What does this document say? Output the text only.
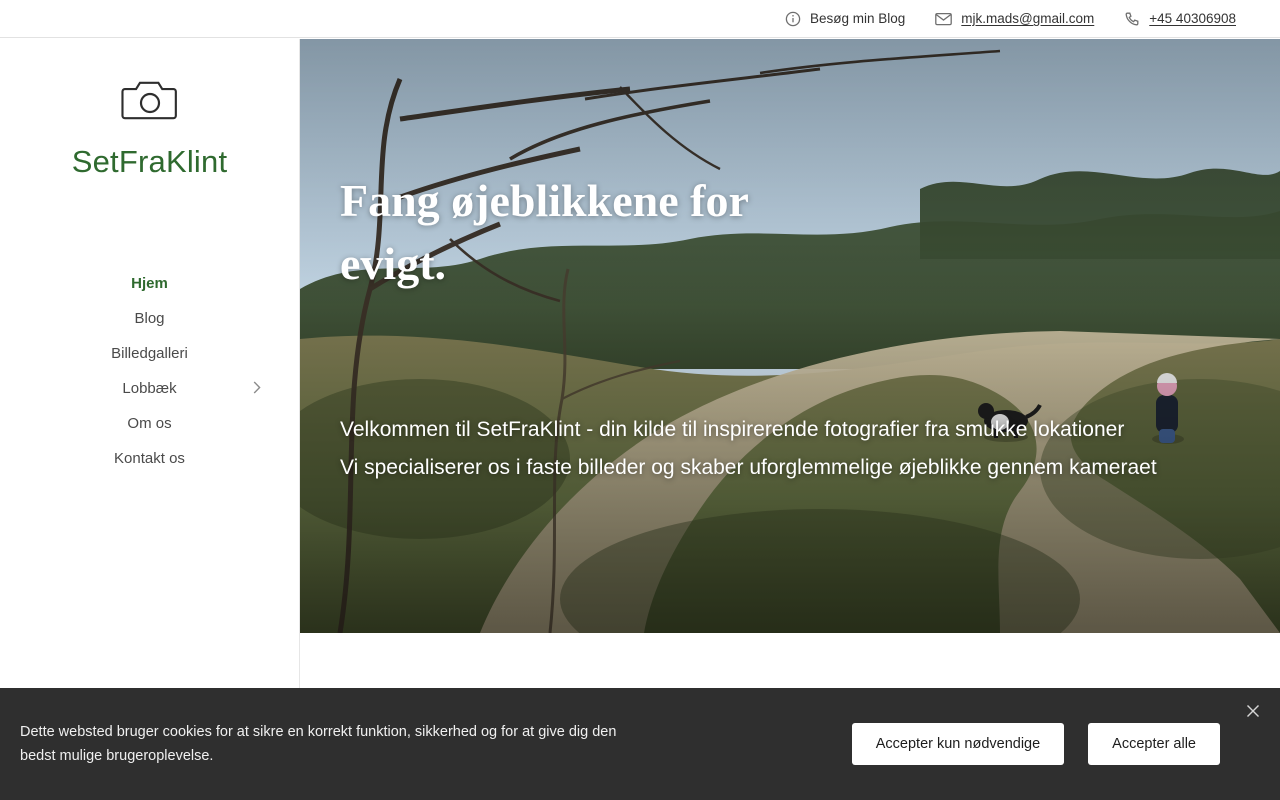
Besøg min Blog	mjk.mads@gmail.com	+45 40306908
SetFraKlint
Hjem
Blog
Billedgalleri
Lobbæk
Om os
Kontakt os
Fang øjeblikkene for evigt.
Velkommen til SetFraKlint - din kilde til inspirerende fotografier fra smukke lokationer
Vi specialiserer os i faste billeder og skaber uforglemmelige øjeblikke gennem kameraet
Dette websted bruger cookies for at sikre en korrekt funktion, sikkerhed og for at give dig den bedst mulige brugeroplevelse.
Accepter kun nødvendige	Accepter alle
